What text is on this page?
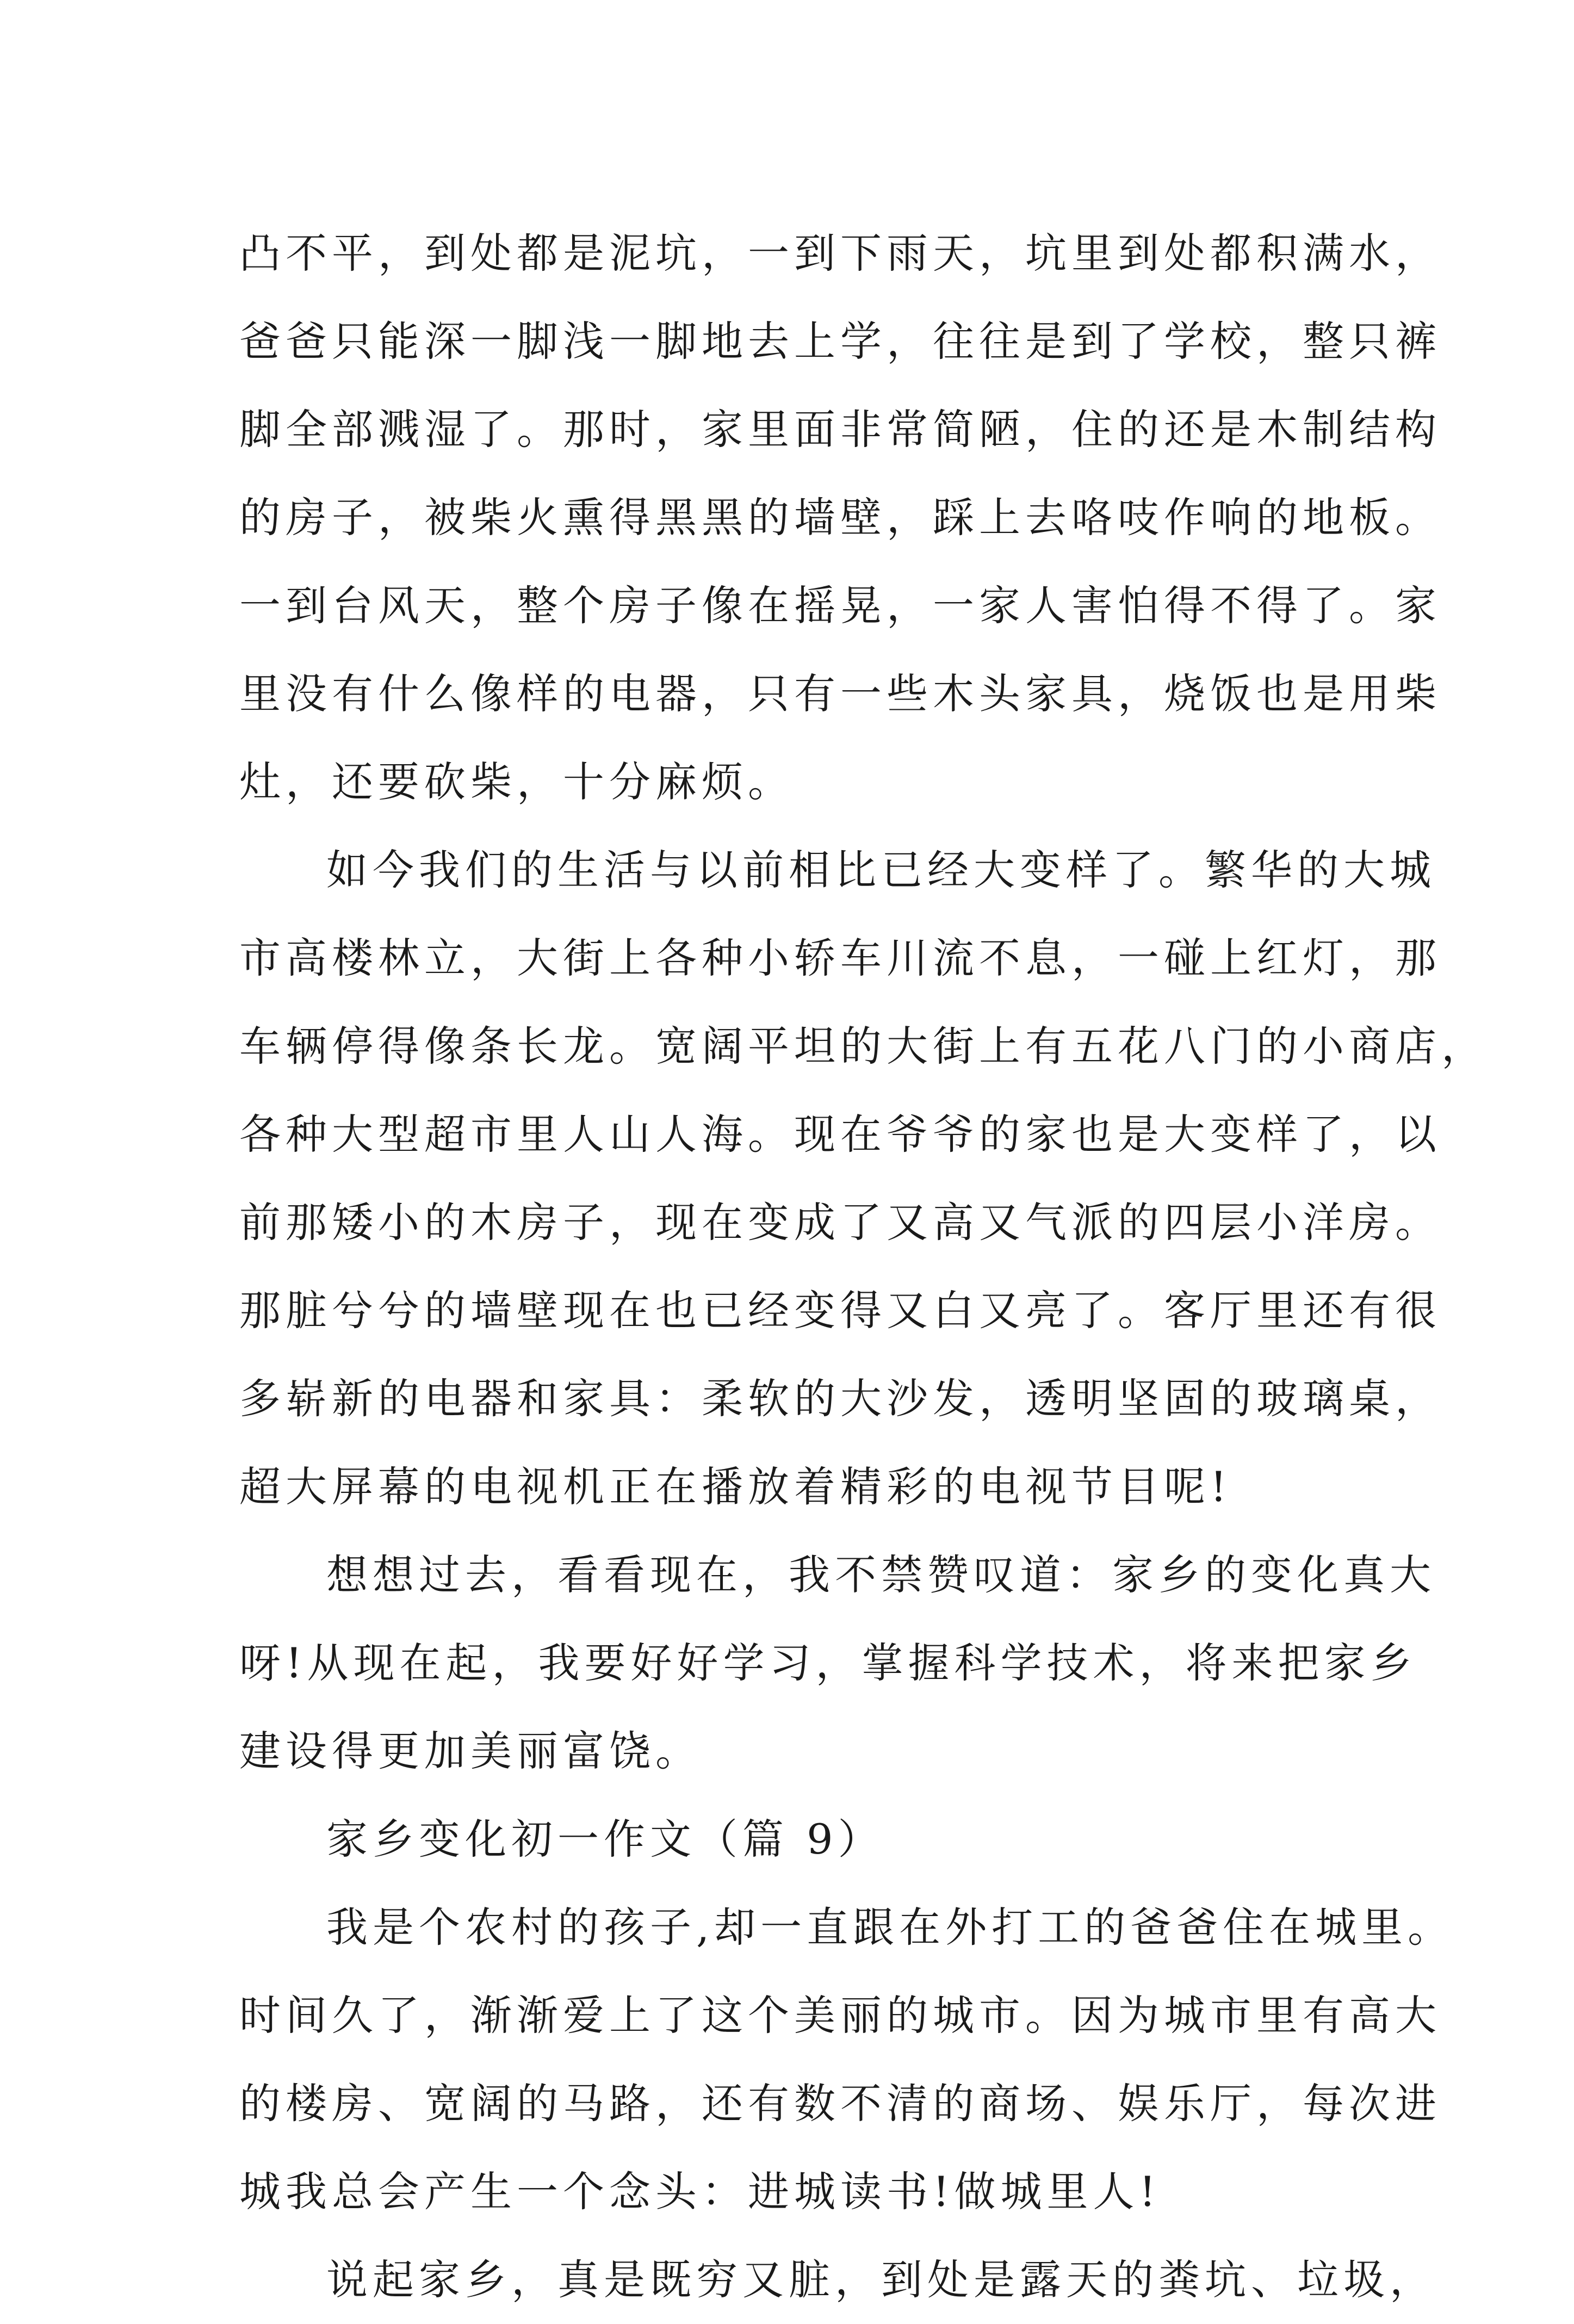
凸不平，到处都是泥坑，一到下雨天，坑里到处都积满水，
爸爸只能深一脚浅一脚地去上学，往往是到了学校，整只裤
脚全部溅湿了。那时，家里面非常简陋，住的还是木制结构
的房子，被柴火熏得黑黑的墙壁，踩上去咯吱作响的地板。
一到台风天，整个房子像在摇晃，一家人害怕得不得了。家
里没有什么像样的电器，只有一些木头家具，烧饭也是用柴
灶，还要砍柴，十分麻烦。
如今我们的生活与以前相比已经大变样了。繁华的大城
市高楼林立，大街上各种小轿车川流不息，一碰上红灯，那
车辆停得像条长龙。宽阔平坦的大街上有五花八门的小商店，
各种大型超市里人山人海。现在爷爷的家也是大变样了，以
前那矮小的木房子，现在变成了又高又气派的四层小洋房。
那脏兮兮的墙壁现在也已经变得又白又亮了。客厅里还有很
多崭新的电器和家具：柔软的大沙发，透明坚固的玻璃桌，
超大屏幕的电视机正在播放着精彩的电视节目呢!
想想过去，看看现在，我不禁赞叹道：家乡的变化真大
呀!从现在起，我要好好学习，掌握科学技术，将来把家乡
建设得更加美丽富饶。
家乡变化初一作文（篇 9）
我是个农村的孩子,却一直跟在外打工的爸爸住在城里。
时间久了，渐渐爱上了这个美丽的城市。因为城市里有高大
的楼房、宽阔的马路，还有数不清的商场、娱乐厅，每次进
城我总会产生一个念头：进城读书!做城里人!
说起家乡，真是既穷又脏，到处是露天的粪坑、垃圾，
